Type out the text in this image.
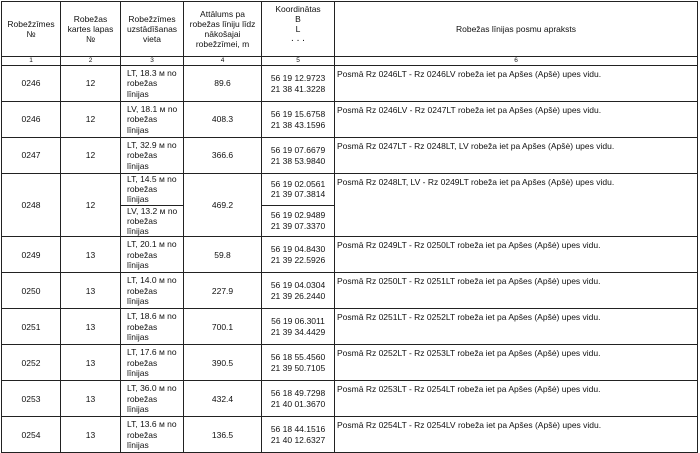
Robežzīmes №	Robežas kartes lapas №	Robežzīmes uzstādīšanas vieta	Attālums pa robežas līniju līdz nākošajai robežzīmei, m	Koordinātas
B
L
. . .	Robežas līnijas posmu apraksts
1	2	3	4	5	6
0246	12	LT, 18.3 м no robežas līnijas	89.6	56 19 12.9723
21 38 41.3228	Posmā Rz 0246LT - Rz 0246LV robeža iet pa Apšes (Apšė) upes vidu.
0246	12	LV, 18.1 м no robežas līnijas	408.3	56 19 15.6758
21 38 43.1596	Posmā Rz 0246LV - Rz 0247LT robeža iet pa Apšes (Apšė) upes vidu.
0247	12	LT, 32.9 м no robežas līnijas	366.6	56 19 07.6679
21 38 53.9840	Posmā Rz 0247LT - Rz 0248LT, LV robeža iet pa Apšes (Apšė) upes vidu.
0248	12	LT, 14.5 м no robežas līnijas	469.2	56 19 02.0561
21 39 07.3814	Posmā Rz 0248LT, LV - Rz 0249LT robeža iet pa Apšes (Apšė) upes vidu.
		LV, 13.2 м no robežas līnijas		56 19 02.9489
21 39 07.3370	

0249	13	LT, 20.1 м no robežas līnijas	59.8	56 19 04.8430
21 39 22.5926	Posmā Rz 0249LT - Rz 0250LT robeža iet pa Apšes (Apšė) upes vidu.
0250	13	LT, 14.0 м no robežas līnijas	227.9	56 19 04.0304
21 39 26.2440	Posmā Rz 0250LT - Rz 0251LT robeža iet pa Apšes (Apšė) upes vidu.
0251	13	LT, 18.6 м no robežas līnijas	700.1	56 19 06.3011
21 39 34.4429	Posmā Rz 0251LT - Rz 0252LT robeža iet pa Apšes (Apšė) upes vidu.
0252	13	LT, 17.6 м no robežas līnijas	390.5	56 18 55.4560
21 39 50.7105	Posmā Rz 0252LT - Rz 0253LT robeža iet pa Apšes (Apšė) upes vidu.
0253	13	LT, 36.0 м no robežas līnijas	432.4	56 18 49.7298
21 40 01.3670	Posmā Rz 0253LT - Rz 0254LT robeža iet pa Apšes (Apšė) upes vidu.
0254	13	LT, 13.6 м no robežas līnijas	136.5	56 18 44.1516
21 40 12.6327	Posmā Rz 0254LT - Rz 0254LV robeža iet pa Apšes (Apšė) upes vidu.
